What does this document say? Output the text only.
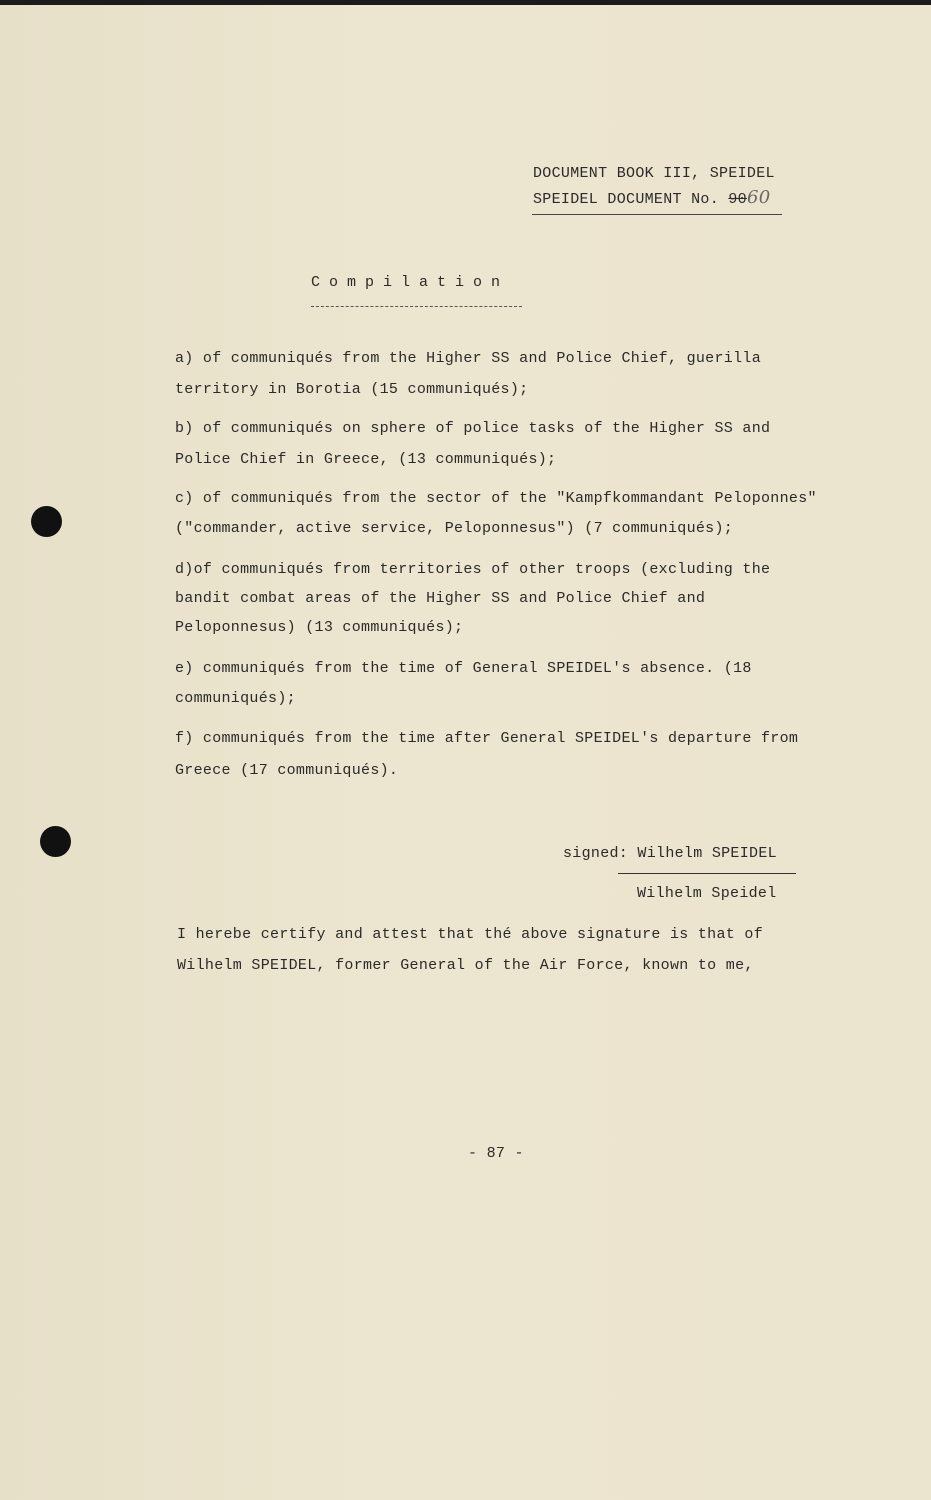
DOCUMENT BOOK III, SPEIDEL
SPEIDEL DOCUMENT No. 9060
Compilation
a) of communiqués from the Higher SS and Police Chief, guerilla
territory in Borotia (15 communiqués);
b) of communiqués on sphere of police tasks of the Higher SS and
Police Chief in Greece, (13 communiqués);
c) of communiqués from the sector of the "Kampfkommandant Peloponnes"
("commander, active service, Peloponnesus") (7 communiqués);
d)of communiqués from territories of other troops (excluding the
bandit combat areas of the Higher SS and Police Chief and
Peloponnesus) (13 communiqués);
e) communiqués from the time of General SPEIDEL's absence. (18
communiqués);
f) communiqués from the time after General SPEIDEL's departure from
Greece (17 communiqués).
signed: Wilhelm SPEIDEL
Wilhelm Speidel
I herebe certify and attest that thé above signature is that of
Wilhelm SPEIDEL, former General of the Air Force, known to me,
- 87 -
